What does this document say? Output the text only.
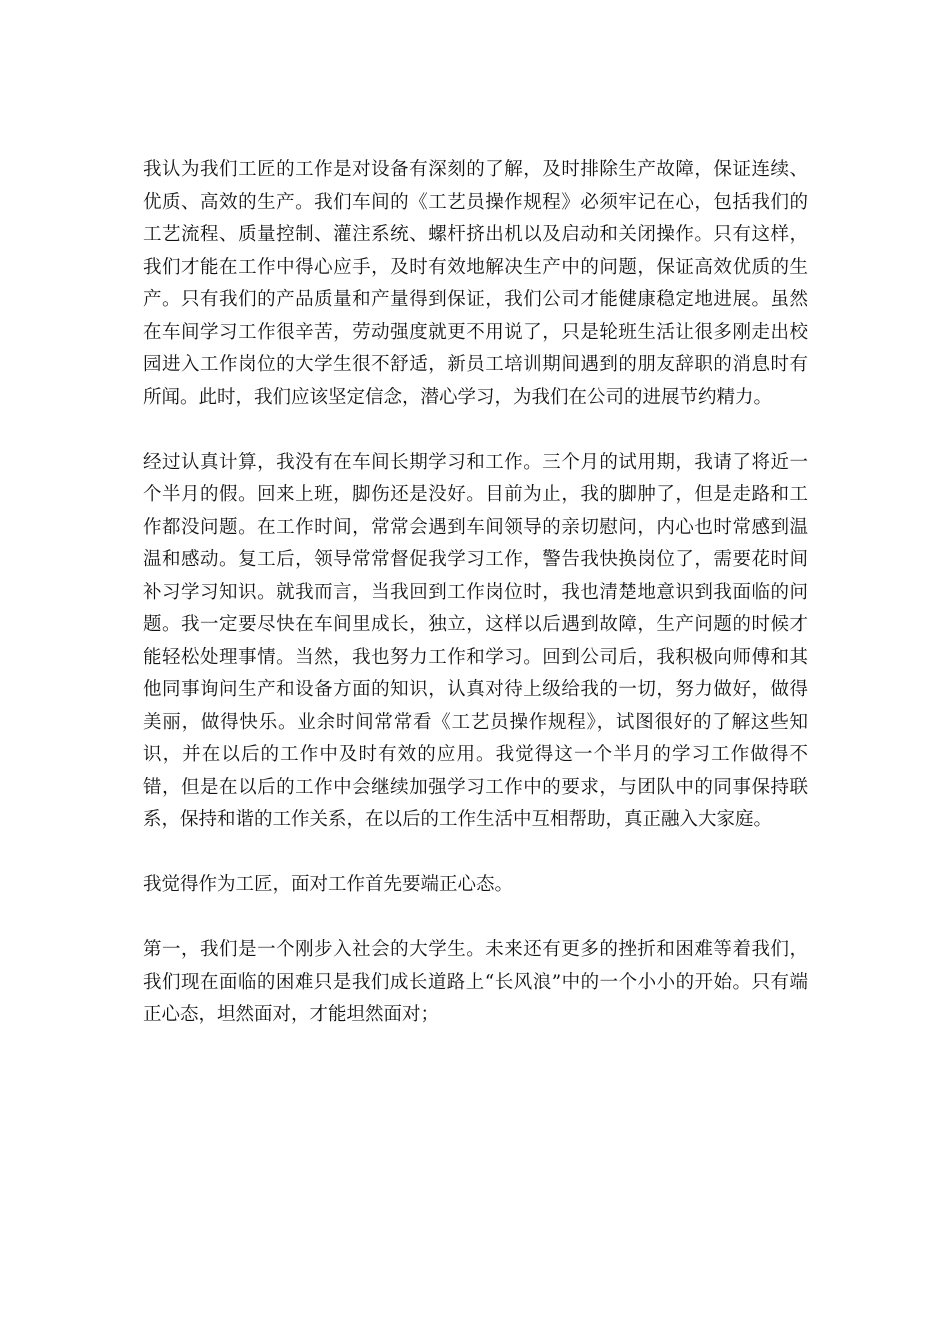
我认为我们工匠的工作是对设备有深刻的了解，及时排除生产故障，保证连续、优质、高效的生产。我们车间的《工艺员操作规程》必须牢记在心，包括我们的工艺流程、质量控制、灌注系统、螺杆挤出机以及启动和关闭操作。只有这样，我们才能在工作中得心应手，及时有效地解决生产中的问题，保证高效优质的生产。只有我们的产品质量和产量得到保证，我们公司才能健康稳定地进展。虽然在车间学习工作很辛苦，劳动强度就更不用说了，只是轮班生活让很多刚走出校园进入工作岗位的大学生很不舒适，新员工培训期间遇到的朋友辞职的消息时有所闻。此时，我们应该坚定信念，潜心学习，为我们在公司的进展节约精力。

经过认真计算，我没有在车间长期学习和工作。三个月的试用期，我请了将近一个半月的假。回来上班，脚伤还是没好。目前为止，我的脚肿了，但是走路和工作都没问题。在工作时间，常常会遇到车间领导的亲切慰问，内心也时常感到温温和感动。复工后，领导常常督促我学习工作，警告我快换岗位了，需要花时间补习学习知识。就我而言，当我回到工作岗位时，我也清楚地意识到我面临的问题。我一定要尽快在车间里成长，独立，这样以后遇到故障，生产问题的时候才能轻松处理事情。当然，我也努力工作和学习。回到公司后，我积极向师傅和其他同事询问生产和设备方面的知识，认真对待上级给我的一切，努力做好，做得美丽，做得快乐。业余时间常常看《工艺员操作规程》，试图很好的了解这些知识，并在以后的工作中及时有效的应用。我觉得这一个半月的学习工作做得不错，但是在以后的工作中会继续加强学习工作中的要求，与团队中的同事保持联系，保持和谐的工作关系，在以后的工作生活中互相帮助，真正融入大家庭。

我觉得作为工匠，面对工作首先要端正心态。

第一，我们是一个刚步入社会的大学生。未来还有更多的挫折和困难等着我们，我们现在面临的困难只是我们成长道路上“长风浪”中的一个小小的开始。只有端正心态，坦然面对，才能坦然面对；
